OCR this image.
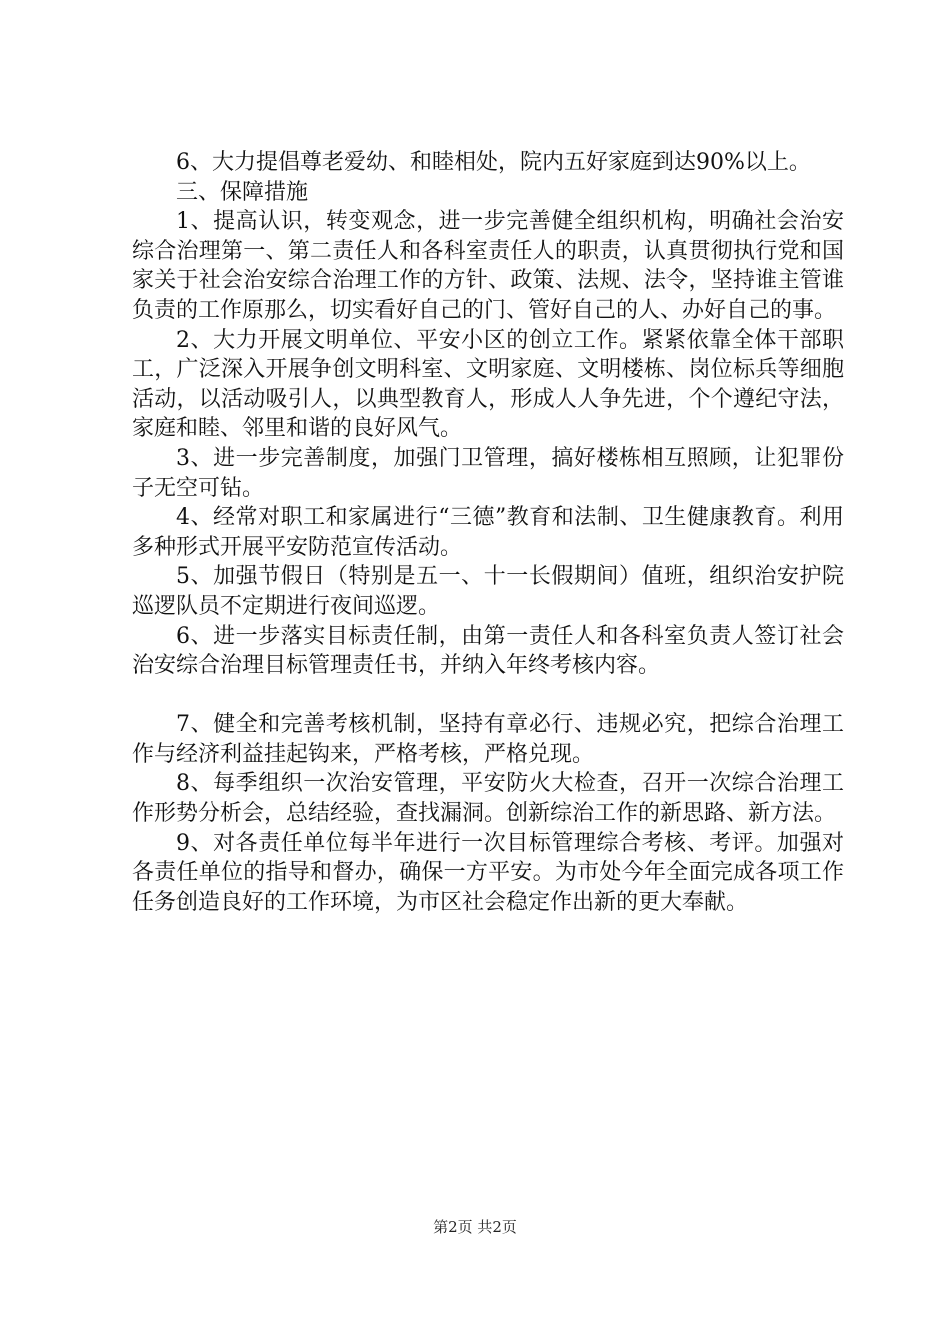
6、大力提倡尊老爱幼、和睦相处，院内五好家庭到达90%以上。

三、保障措施

1、提高认识，转变观念，进一步完善健全组织机构，明确社会治安综合治理第一、第二责任人和各科室责任人的职责，认真贯彻执行党和国家关于社会治安综合治理工作的方针、政策、法规、法令，坚持谁主管谁负责的工作原那么，切实看好自己的门、管好自己的人、办好自己的事。

2、大力开展文明单位、平安小区的创立工作。紧紧依靠全体干部职工，广泛深入开展争创文明科室、文明家庭、文明楼栋、岗位标兵等细胞活动，以活动吸引人，以典型教育人，形成人人争先进，个个遵纪守法，家庭和睦、邻里和谐的良好风气。

3、进一步完善制度，加强门卫管理，搞好楼栋相互照顾，让犯罪份子无空可钻。

4、经常对职工和家属进行“三德”教育和法制、卫生健康教育。利用多种形式开展平安防范宣传活动。

5、加强节假日（特别是五一、十一长假期间）值班，组织治安护院巡逻队员不定期进行夜间巡逻。

6、进一步落实目标责任制，由第一责任人和各科室负责人签订社会治安综合治理目标管理责任书，并纳入年终考核内容。

7、健全和完善考核机制，坚持有章必行、违规必究，把综合治理工作与经济利益挂起钩来，严格考核，严格兑现。

8、每季组织一次治安管理，平安防火大检查，召开一次综合治理工作形势分析会，总结经验，查找漏洞。创新综治工作的新思路、新方法。

9、对各责任单位每半年进行一次目标管理综合考核、考评。加强对各责任单位的指导和督办，确保一方平安。为市处今年全面完成各项工作任务创造良好的工作环境，为市区社会稳定作出新的更大奉献。

第2页 共2页
